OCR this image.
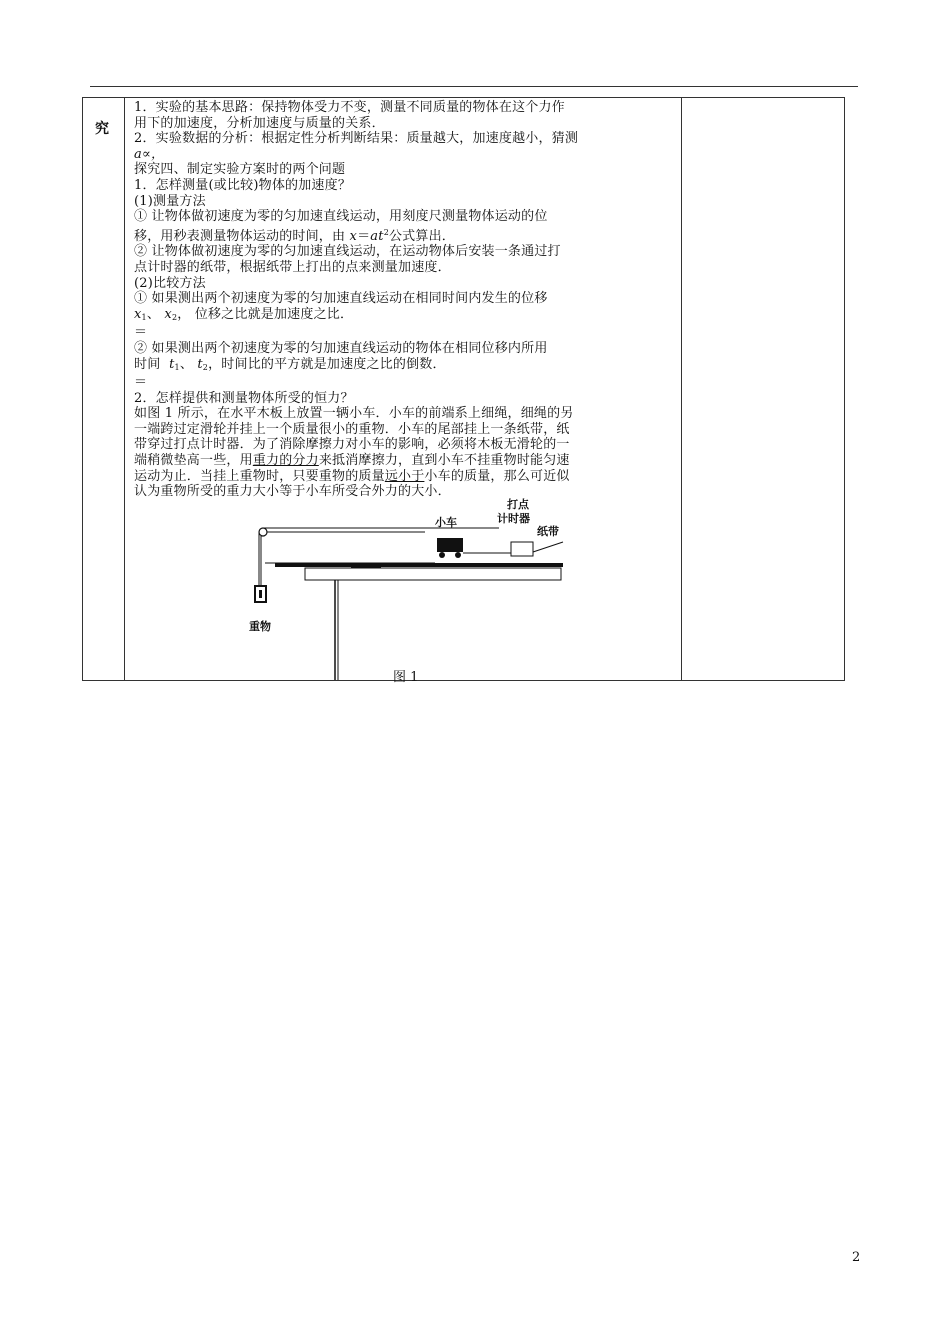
究

1．实验的基本思路：保持物体受力不变，测量不同质量的物体在这个力作

用下的加速度，分析加速度与质量的关系．

2．实验数据的分析：根据定性分析判断结果：质量越大，加速度越小，猜测

a∝，

探究四、制定实验方案时的两个问题

1．怎样测量(或比较)物体的加速度？

(1)测量方法

① 让物体做初速度为零的匀加速直线运动，用刻度尺测量物体运动的位

移，用秒表测量物体运动的时间，由 $x=at^2$公式算出．

② 让物体做初速度为零的匀加速直线运动，在运动物体后安装一条通过打

点计时器的纸带，根据纸带上打出的点来测量加速度．

(2)比较方法

① 如果测出两个初速度为零的匀加速直线运动在相同时间内发生的位移

$x_1$、 $x_2$， 位移之比就是加速度之比．

＝

② 如果测出两个初速度为零的匀加速直线运动的物体在相同位移内所用

时间 $t_1$、 $t_2$，时间比的平方就是加速度之比的倒数．

＝

2．怎样提供和测量物体所受的恒力？

如图 1 所示，在水平木板上放置一辆小车．小车的前端系上细绳，细绳的另

一端跨过定滑轮并挂上一个质量很小的重物．小车的尾部挂上一条纸带，纸

带穿过打点计时器．为了消除摩擦力对小车的影响，必须将木板无滑轮的一

端稍微垫高一些，用重力的分力来抵消摩擦力，直到小车不挂重物时能匀速

运动为止．当挂上重物时，只要重物的质量远小于小车的质量，那么可近似

认为重物所受的重力大小等于小车所受合外力的大小．

小车
打点
计时器
纸带
重物
图 1
2
